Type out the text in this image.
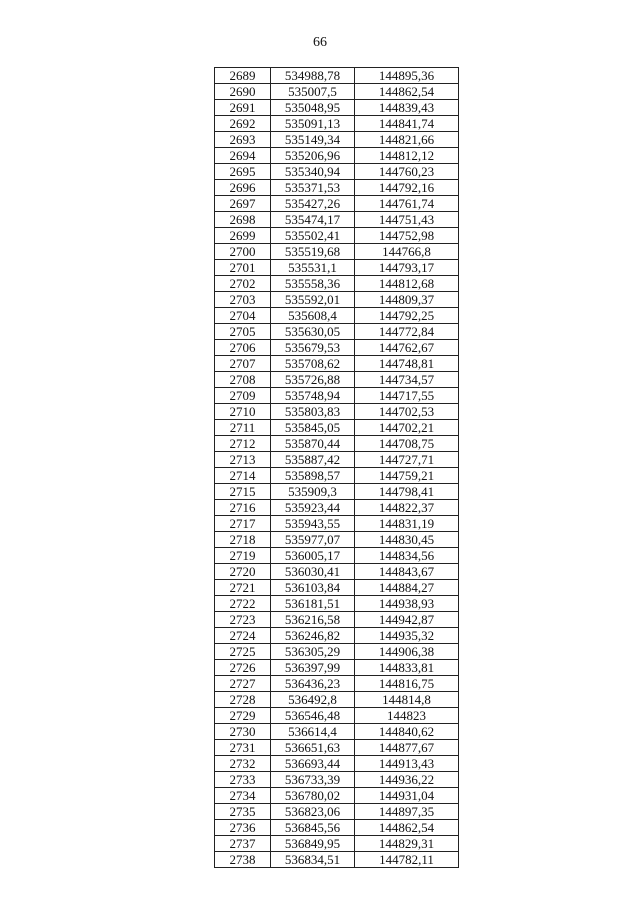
66
2689	534988,78	144895,36
2690	535007,5	144862,54
2691	535048,95	144839,43
2692	535091,13	144841,74
2693	535149,34	144821,66
2694	535206,96	144812,12
2695	535340,94	144760,23
2696	535371,53	144792,16
2697	535427,26	144761,74
2698	535474,17	144751,43
2699	535502,41	144752,98
2700	535519,68	144766,8
2701	535531,1	144793,17
2702	535558,36	144812,68
2703	535592,01	144809,37
2704	535608,4	144792,25
2705	535630,05	144772,84
2706	535679,53	144762,67
2707	535708,62	144748,81
2708	535726,88	144734,57
2709	535748,94	144717,55
2710	535803,83	144702,53
2711	535845,05	144702,21
2712	535870,44	144708,75
2713	535887,42	144727,71
2714	535898,57	144759,21
2715	535909,3	144798,41
2716	535923,44	144822,37
2717	535943,55	144831,19
2718	535977,07	144830,45
2719	536005,17	144834,56
2720	536030,41	144843,67
2721	536103,84	144884,27
2722	536181,51	144938,93
2723	536216,58	144942,87
2724	536246,82	144935,32
2725	536305,29	144906,38
2726	536397,99	144833,81
2727	536436,23	144816,75
2728	536492,8	144814,8
2729	536546,48	144823
2730	536614,4	144840,62
2731	536651,63	144877,67
2732	536693,44	144913,43
2733	536733,39	144936,22
2734	536780,02	144931,04
2735	536823,06	144897,35
2736	536845,56	144862,54
2737	536849,95	144829,31
2738	536834,51	144782,11
